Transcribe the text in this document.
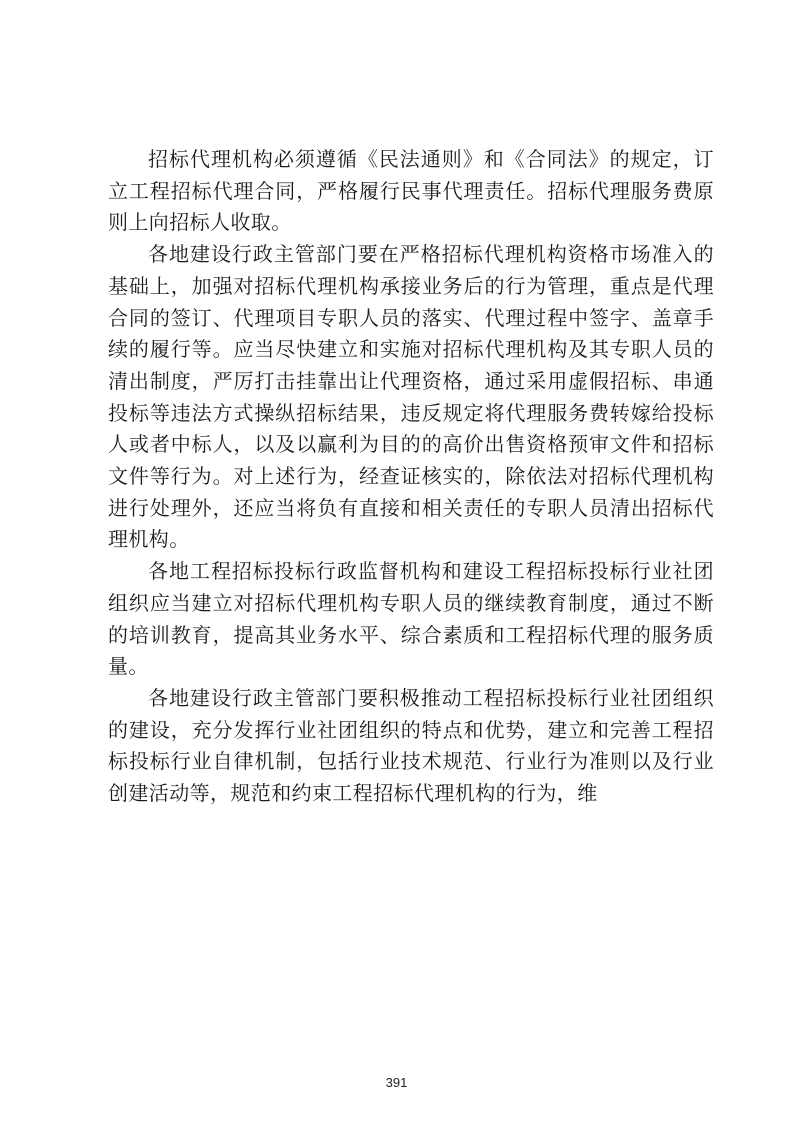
招标代理机构必须遵循《民法通则》和《合同法》的规定，订立工程招标代理合同，严格履行民事代理责任。招标代理服务费原则上向招标人收取。

各地建设行政主管部门要在严格招标代理机构资格市场准入的基础上，加强对招标代理机构承接业务后的行为管理，重点是代理合同的签订、代理项目专职人员的落实、代理过程中签字、盖章手续的履行等。应当尽快建立和实施对招标代理机构及其专职人员的清出制度，严厉打击挂靠出让代理资格，通过采用虚假招标、串通投标等违法方式操纵招标结果，违反规定将代理服务费转嫁给投标人或者中标人，以及以赢利为目的的高价出售资格预审文件和招标文件等行为。对上述行为，经查证核实的，除依法对招标代理机构进行处理外，还应当将负有直接和相关责任的专职人员清出招标代理机构。

各地工程招标投标行政监督机构和建设工程招标投标行业社团组织应当建立对招标代理机构专职人员的继续教育制度，通过不断的培训教育，提高其业务水平、综合素质和工程招标代理的服务质量。

各地建设行政主管部门要积极推动工程招标投标行业社团组织的建设，充分发挥行业社团组织的特点和优势，建立和完善工程招标投标行业自律机制，包括行业技术规范、行业行为准则以及行业创建活动等，规范和约束工程招标代理机构的行为，维

391
